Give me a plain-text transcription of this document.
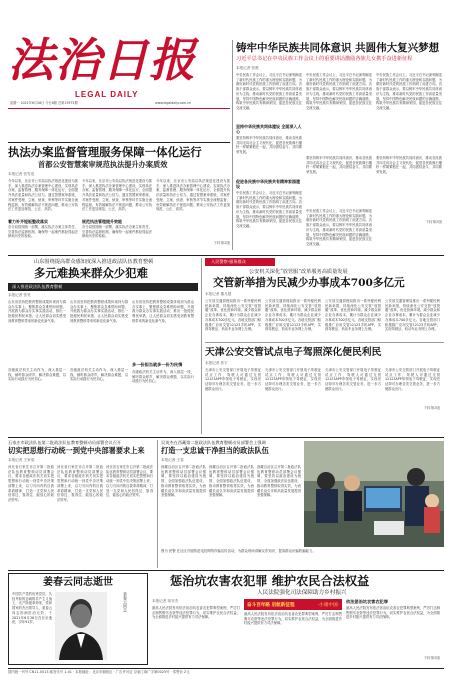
法治日报
LEGAL DAILY
星期一 2021年6月28日 今日8版 总第13975期	www.legaldaily.com.cn
铸牢中华民族共同体意识 共圆伟大复兴梦想
习近平总书记在中央民族工作会议上的重要讲话激励各族儿女携手奋进新征程
本报记者 张维
中央民族工作会议上，习近平总书记深刻阐述了新时代民族工作的重大理论和实践问题，为做好新时代党的民族工作指明了前进方向。各族干部群众表示，要以铸牢中华民族共同体意识为主线，推动新时代党的民族工作高质量发展，坚持中国特色解决民族问题的正确道路，构筑中华民族共有精神家园，促进各民族交往交流交融。
坚持中华民族共同体建设 全面深入人心
要坚持铸牢中华民族共同体意识，推动各民族共同走向社会主义现代化，促进各民族像石榴籽一样紧紧抱在一起，共同团结奋斗、共同繁荣发展。
促进各民族中华民族共有精神家园建设
中央民族工作会议上，习近平总书记深刻阐述了新时代民族工作的重大理论和实践问题，为做好新时代党的民族工作指明了前进方向。各族干部群众表示，要以铸牢中华民族共同体意识为主线，推动新时代党的民族工作高质量发展，坚持中国特色解决民族问题的正确道路，构筑中华民族共有精神家园，促进各民族交往交流交融。
中央民族工作会议上，习近平总书记深刻阐述了新时代民族工作的重大理论和实践问题，为做好新时代党的民族工作指明了前进方向。各族干部群众表示，要以铸牢中华民族共同体意识为主线，推动新时代党的民族工作高质量发展，坚持中国特色解决民族问题的正确道路，构筑中华民族共有精神家园，促进各民族交往交流交融。
要坚持铸牢中华民族共同体意识，推动各民族共同走向社会主义现代化，促进各民族像石榴籽一样紧紧抱在一起，共同团结奋斗、共同繁荣发展。
中央民族工作会议上，习近平总书记深刻阐述了新时代民族工作的重大理论和实践问题，为做好新时代党的民族工作指明了前进方向。各族干部群众表示，要以铸牢中华民族共同体意识为主线，推动新时代党的民族工作高质量发展，坚持中国特色解决民族问题的正确道路，构筑中华民族共有精神家园，促进各民族交往交流交融。
中央民族工作会议上，习近平总书记深刻阐述了新时代民族工作的重大理论和实践问题，为做好新时代党的民族工作指明了前进方向。各族干部群众表示，要以铸牢中华民族共同体意识为主线，推动新时代党的民族工作高质量发展，坚持中国特色解决民族问题的正确道路，构筑中华民族共有精神家园，促进各民族交往交流交融。
要坚持铸牢中华民族共同体意识，推动各民族共同走向社会主义现代化，促进各民族像石榴籽一样紧紧抱在一起，共同团结奋斗、共同繁荣发展。
下转第2版
执法办案监督管理服务保障一体化运行
首都公安智慧案审规范执法提升办案质效
本报记者 张雪泓
今年以来，北京市公安局以执法规范化建设为抓手，深入推进执法办案管理中心建设，实现执法办案、监督管理、服务保障一体化运行，全面提升执法质量和执法公信力。通过智慧案审系统，对案件受理、立案、侦查、审核等环节实施全流程监督，有效破解执法不规范问题，推动公安执法工作更加规范、公正、高效。
着力补齐短板整改落实
各分局按照统一部署，落实执法办案主体责任，完善执法监督机制，确保每一起案件都经得起法律和历史的检验。
今年以来，北京市公安局以执法规范化建设为抓手，深入推进执法办案管理中心建设，实现执法办案、监督管理、服务保障一体化运行，全面提升执法质量和执法公信力。通过智慧案审系统，对案件受理、立案、侦查、审核等环节实施全流程监督，有效破解执法不规范问题，推动公安执法工作更加规范、公正、高效。
规范执法管理提升效能
各分局按照统一部署，落实执法办案主体责任，完善执法监督机制，确保每一起案件都经得起法律和历史的检验。
今年以来，北京市公安局以执法规范化建设为抓手，深入推进执法办案管理中心建设，实现执法办案、监督管理、服务保障一体化运行，全面提升执法质量和执法公信力。通过智慧案审系统，对案件受理、立案、侦查、审核等环节实施全流程监督，有效破解执法不规范问题，推动公安执法工作更加规范、公正、高效。
下转第2版
山东围绕提高群众感知度深入推进政法队伍教育整顿
多元难换来群众少犯难
深入推进政法队伍教育整顿
本报记者 张昊
山东省坚持把教育整顿成果体现到为群众办实事上，聚焦群众急难愁盼问题，开展我为群众办实事实践活动，推出一批便民利民举措，让人民群众切实感受到教育整顿带来的新变化新气象。
各级政法机关主动作为，深入基层一线，倾听群众呼声，解决群众难题，以实际行动践行为民初心。
山东省坚持把教育整顿成果体现到为群众办实事上，聚焦群众急难愁盼问题，开展我为群众办实事实践活动，推出一批便民利民举措，让人民群众切实感受到教育整顿带来的新变化新气象。
各级政法机关主动作为，深入基层一线，倾听群众呼声，解决群众难题，以实际行动践行为民初心。
山东省坚持把教育整顿成果体现到为群众办实事上，聚焦群众急难愁盼问题，开展我为群众办实事实践活动，推出一批便民利民举措，让人民群众切实感受到教育整顿带来的新变化新气象。
多一份担当就多一份为民情
各级政法机关主动作为，深入基层一线，倾听群众呼声，解决群众难题，以实际行动践行为民初心。
人民警察·服务群众
公安机关深化“放管服”改革服务高质量发展
交管新举措为民减少办事成本700多亿元
本报记者 董凡超
公安部交通管理局推出一系列便民利民新举措，持续深化公安交管“放管服”改革，优化营商环境，减少群众和企业办事成本，累计为群众企业减少办事成本700多亿元。各地交管部门积极推广应用交管12123手机APP，实现驾驶证、机动车业务网上办理。
公安部交通管理局推出一系列便民利民新举措，持续深化公安交管“放管服”改革，优化营商环境，减少群众和企业办事成本，累计为群众企业减少办事成本700多亿元。各地交管部门积极推广应用交管12123手机APP，实现驾驶证、机动车业务网上办理。
公安部交通管理局推出一系列便民利民新举措，持续深化公安交管“放管服”改革，优化营商环境，减少群众和企业办事成本，累计为群众企业减少办事成本700多亿元。各地交管部门积极推广应用交管12123手机APP，实现驾驶证、机动车业务网上办理。
公安部交通管理局推出一系列便民利民新举措，持续深化公安交管“放管服”改革，优化营商环境，减少群众和企业办事成本，累计为群众企业减少办事成本700多亿元。各地交管部门积极推广应用交管12123手机APP，实现驾驶证、机动车业务网上办理。
天津公安交管试点电子驾照深化便民利民
本报记者 张宇
天津市公安交管部门开展电子驾驶证试点工作，驾驶人可通过交管12123APP申领电子驾驶证，实现亮证即可办理各类交管业务，进一步方便群众出行。
天津市公安交管部门开展电子驾驶证试点工作，驾驶人可通过交管12123APP申领电子驾驶证，实现亮证即可办理各类交管业务，进一步方便群众出行。
天津市公安交管部门开展电子驾驶证试点工作，驾驶人可通过交管12123APP申领电子驾驶证，实现亮证即可办理各类交管业务，进一步方便群众出行。
天津市公安交管部门开展电子驾驶证试点工作，驾驶人可通过交管12123APP申领电子驾驶证，实现亮证即可办理各类交管业务，进一步方便群众出行。
下转第2版
石家庄市政法队伍第二批政法队伍教育整顿动员部署会议召开
切实把思想行动统一到党中央部署要求上来
本报记者 王家梁
河北省石家庄市召开第二批政法队伍教育整顿动员部署会议，要求各级政法机关切实把思想和行动统一到党中央决策部署上来，以刀刃向内的自我革命精神，打造一支党和人民信得过、靠得住、能放心的政法铁军。
河北省石家庄市召开第二批政法队伍教育整顿动员部署会议，要求各级政法机关切实把思想和行动统一到党中央决策部署上来，以刀刃向内的自我革命精神，打造一支党和人民信得过、靠得住、能放心的政法铁军。
河北省石家庄市召开第二批政法队伍教育整顿动员部署会议，要求各级政法机关切实把思想和行动统一到党中央决策部署上来，以刀刃向内的自我革命精神，打造一支党和人民信得过、靠得住、能放心的政法铁军。
吴英杰在西藏第二批政法队伍教育整顿动员部署会上强调
打造一支忠诚干净担当的政法队伍
本报记者 王春
西藏自治区召开第二批政法队伍教育整顿动员部署会议强调，要坚持以政治建设为统领，全面加强政法队伍建设，推动教育整顿取得实效，为西藏长治久安和高质量发展提供坚强保障。
西藏自治区召开第二批政法队伍教育整顿动员部署会议强调，要坚持以政治建设为统领，全面加强政法队伍建设，推动教育整顿取得实效，为西藏长治久安和高质量发展提供坚强保障。
西藏自治区召开第二批政法队伍教育整顿动员部署会议强调，要坚持以政治建设为统领，全面加强政法队伍建设，推动教育整顿取得实效，为西藏长治久安和高质量发展提供坚强保障。
图为 民警 在社区开展防范电信网络诈骗宣传活动，为群众现场讲解反诈知识，提高群众识骗防骗能力。
姜春云同志逝世
中国共产党的优秀党员，久经考验的忠诚的共产主义战士，无产阶级革命家，党和国家的杰出领导人，姜春云同志因病医治无效，于2021年6月28日在北京逝世，享年91岁。
姜春云同志
惩治坑农害农犯罪 维护农民合法权益
人民法院强化司法保障助力乡村振兴
本报记者 蒋安杰
最高人民法院发布依法惩治坑农害农犯罪典型案例，严厉打击制售假劣农资等违法犯罪行为，切实维护农民合法权益，为全面推进乡村振兴提供有力司法保障。
奋斗百年路 启航新征程	·小康中国·
最高人民法院发布依法惩治坑农害农犯罪典型案例，严厉打击制售假劣农资等违法犯罪行为，切实维护农民合法权益，为全面推进乡村振兴提供有力司法保障。
依法惩治坑农害农犯罪
最高人民法院发布依法惩治坑农害农犯罪典型案例，严厉打击制售假劣农资等违法犯罪行为，切实维护农民合法权益，为全面推进乡村振兴提供有力司法保障。
下转第2版
国内统一刊号 CN11-0013 邮发代号 1-41 · 本报地址：北京市朝阳区 · 广告许可证 京朝工商广字第0025号 · 零售价 2元
